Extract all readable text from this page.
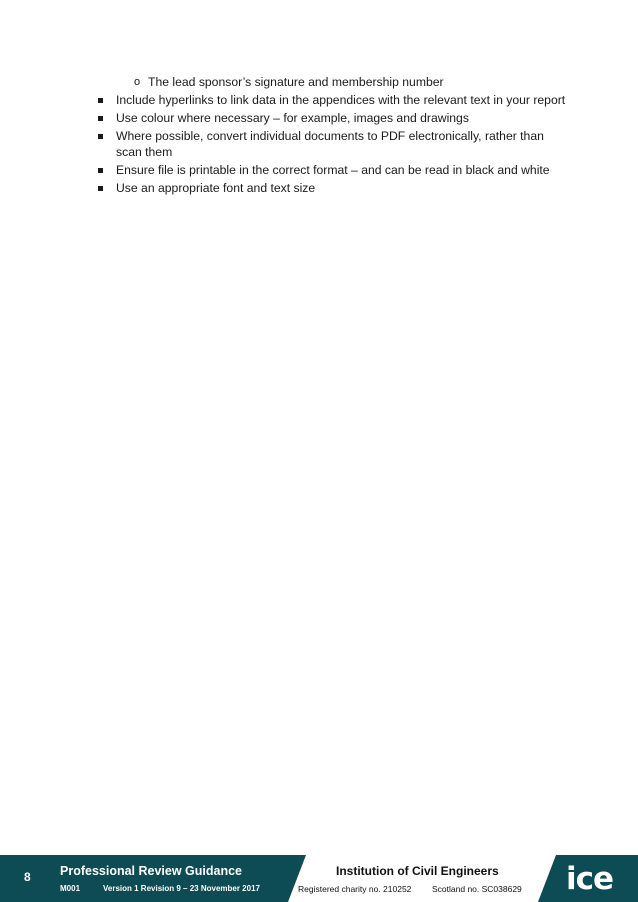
o The lead sponsor’s signature and membership number
Include hyperlinks to link data in the appendices with the relevant text in your report
Use colour where necessary – for example, images and drawings
Where possible, convert individual documents to PDF electronically, rather than scan them
Ensure file is printable in the correct format – and can be read in black and white
Use an appropriate font and text size
8 Professional Review Guidance
M001	Version 1 Revision 9 – 23 November 2017
Institution of Civil Engineers
Registered charity no. 210252 Scotland no. SC038629 ice
